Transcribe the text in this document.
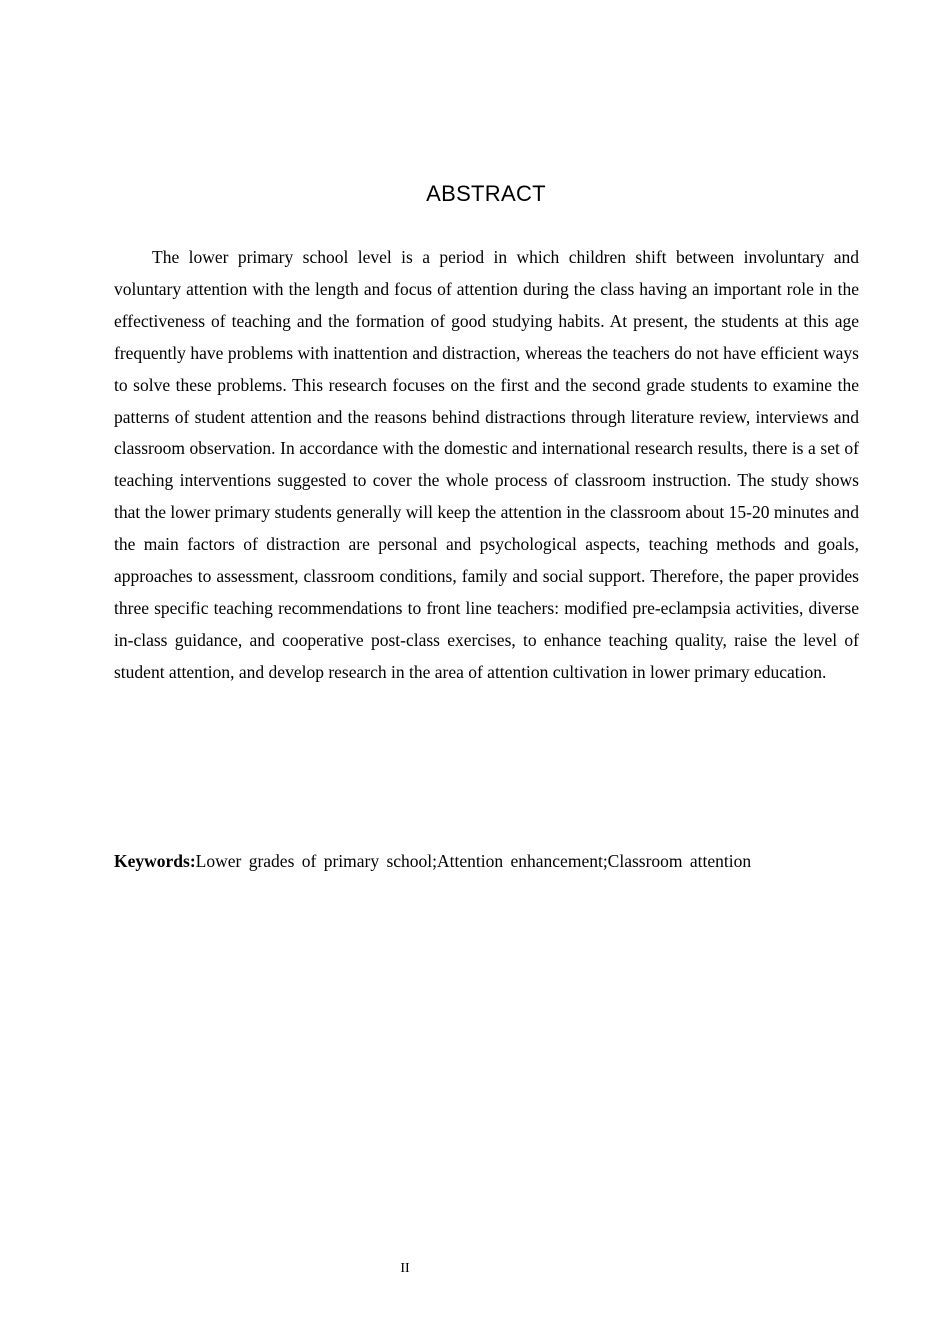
ABSTRACT

The lower primary school level is a period in which children shift between involuntary and voluntary attention with the length and focus of attention during the class having an important role in the effectiveness of teaching and the formation of good studying habits. At present, the students at this age frequently have problems with inattention and distraction, whereas the teachers do not have efficient ways to solve these problems. This research focuses on the first and the second grade students to examine the patterns of student attention and the reasons behind distractions through literature review, interviews and classroom observation. In accordance with the domestic and international research results, there is a set of teaching interventions suggested to cover the whole process of classroom instruction. The study shows that the lower primary students generally will keep the attention in the classroom about 15-20 minutes and the main factors of distraction are personal and psychological aspects, teaching methods and goals, approaches to assessment, classroom conditions, family and social support. Therefore, the paper provides three specific teaching recommendations to front line teachers: modified pre-eclampsia activities, diverse in-class guidance, and cooperative post-class exercises, to enhance teaching quality, raise the level of student attention, and develop research in the area of attention cultivation in lower primary education.

Keywords:Lower grades of primary school;Attention enhancement;Classroom attention
II
